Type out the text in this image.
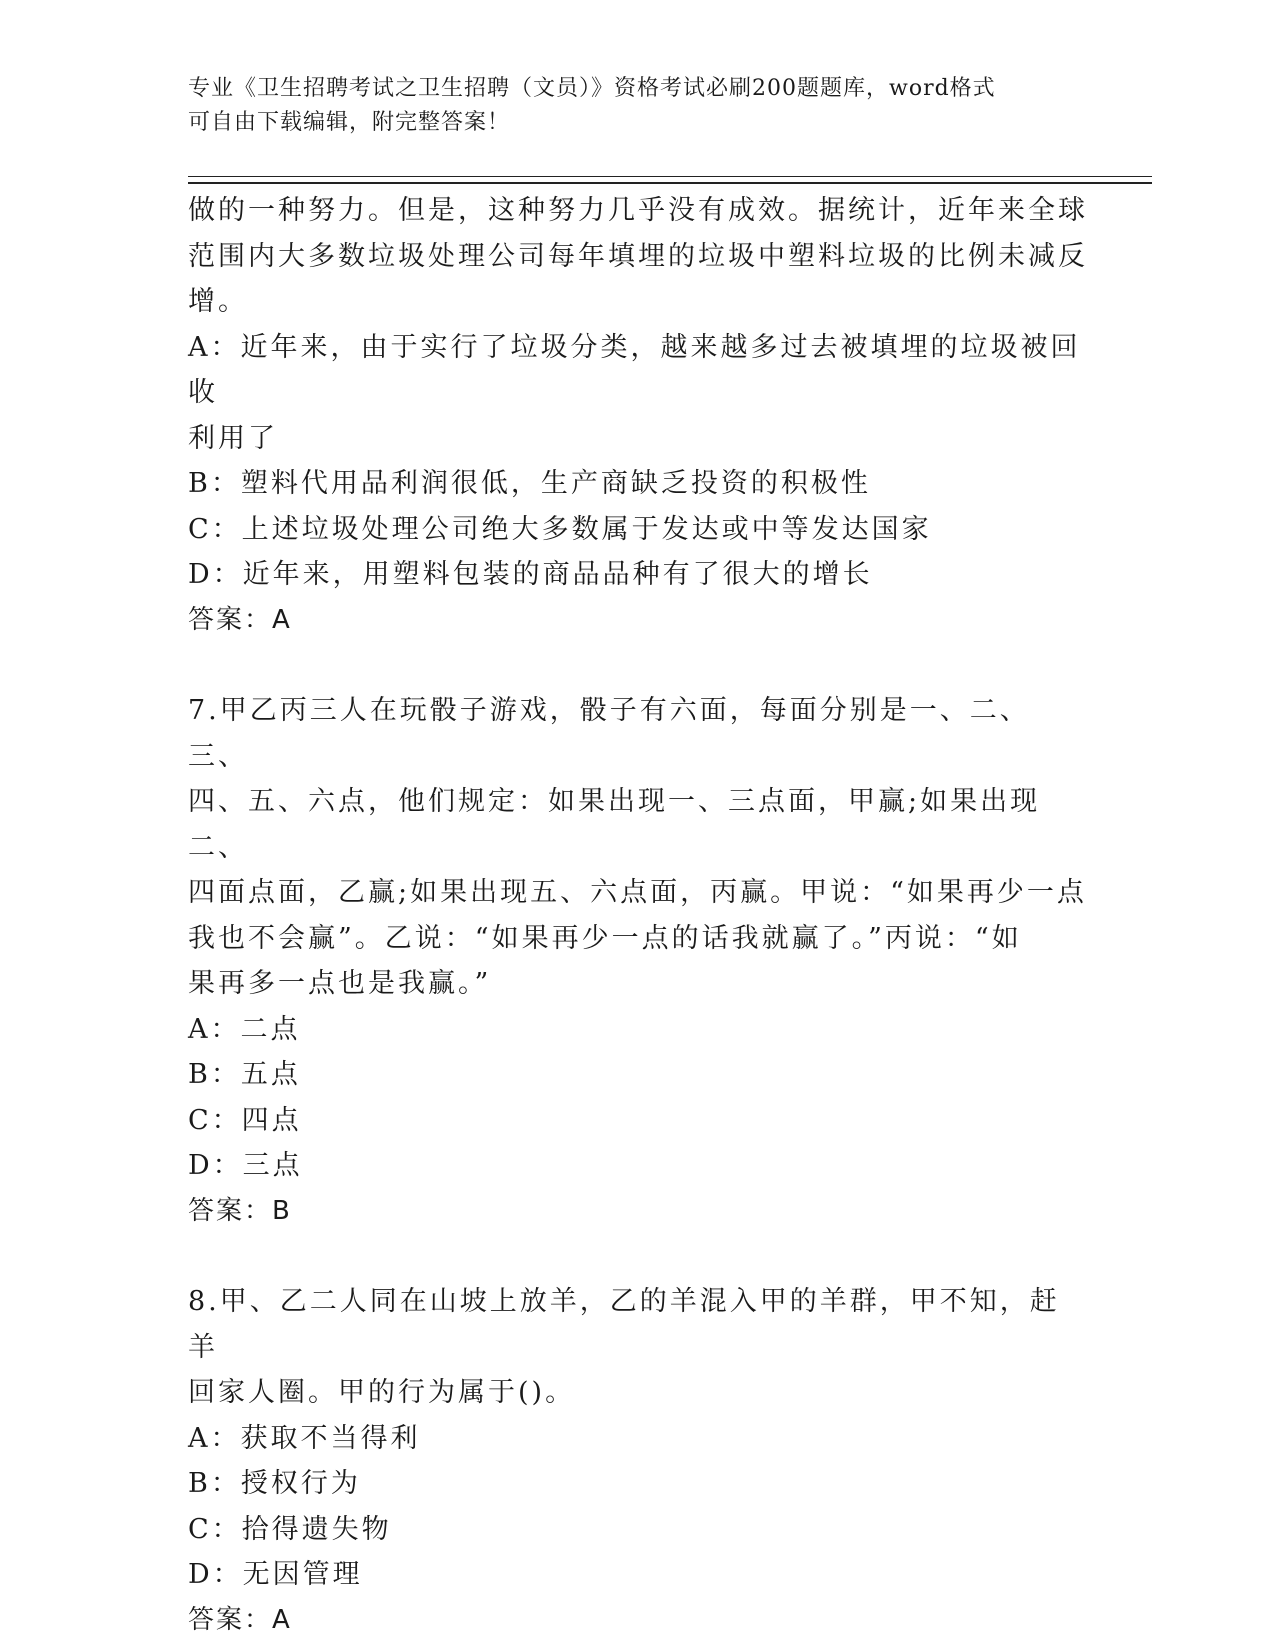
专业《卫生招聘考试之卫生招聘（文员）》资格考试必刷200题题库，word格式
可自由下载编辑，附完整答案！

做的一种努力。但是，这种努力几乎没有成效。据统计，近年来全球

范围内大多数垃圾处理公司每年填埋的垃圾中塑料垃圾的比例未减反

增。

A：近年来，由于实行了垃圾分类，越来越多过去被填埋的垃圾被回收
利用了

B：塑料代用品利润很低，生产商缺乏投资的积极性

C：上述垃圾处理公司绝大多数属于发达或中等发达国家

D：近年来，用塑料包装的商品品种有了很大的增长

答案：A

7.甲乙丙三人在玩骰子游戏，骰子有六面，每面分别是一、二、三、

四、五、六点，他们规定：如果出现一、三点面，甲赢;如果出现二、

四面点面，乙赢;如果出现五、六点面，丙赢。甲说：“如果再少一点

我也不会赢”。乙说：“如果再少一点的话我就赢了。”丙说：“如

果再多一点也是我赢。”

A：二点

B：五点

C：四点

D：三点

答案：B

8.甲、乙二人同在山坡上放羊，乙的羊混入甲的羊群，甲不知，赶羊

回家人圈。甲的行为属于()。

A：获取不当得利

B：授权行为

C：拾得遗失物

D：无因管理

答案：A
